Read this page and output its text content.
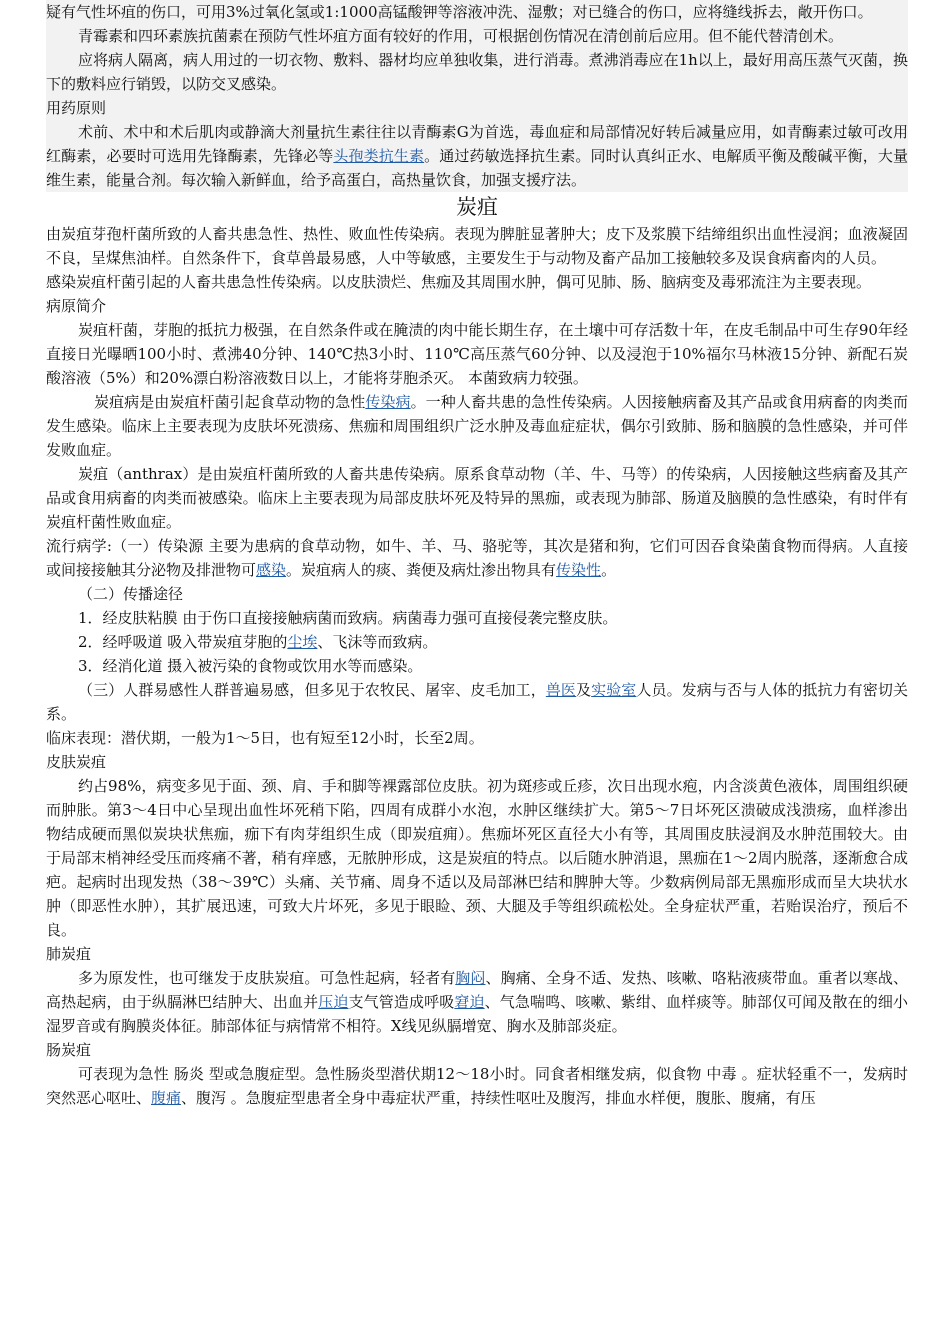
疑有气性坏疽的伤口，可用3%过氧化氢或1:1000高锰酸钾等溶液冲洗、湿敷；对已缝合的伤口，应将缝线拆去，敞开伤口。

青霉素和四环素族抗菌素在预防气性坏疽方面有较好的作用，可根据创伤情况在清创前后应用。但不能代替清创术。

应将病人隔离，病人用过的一切衣物、敷料、器材均应单独收集，进行消毒。煮沸消毒应在1h以上，最好用高压蒸气灭菌，换下的敷料应行销毁，以防交叉感染。

用药原则

术前、术中和术后肌肉或静滴大剂量抗生素往往以青酶素G为首选，毒血症和局部情况好转后减量应用，如青酶素过敏可改用红酶素，必要时可选用先锋酶素，先锋必等头孢类抗生素。通过药敏选择抗生素。同时认真纠正水、电解质平衡及酸碱平衡，大量维生素，能量合剂。每次输入新鲜血，给予高蛋白，高热量饮食，加强支援疗法。

炭疽

由炭疽芽孢杆菌所致的人畜共患急性、热性、败血性传染病。表现为脾脏显著肿大；皮下及浆膜下结缔组织出血性浸润；血液凝固不良，呈煤焦油样。自然条件下，食草兽最易感，人中等敏感，主要发生于与动物及畜产品加工接触较多及误食病畜肉的人员。

感染炭疽杆菌引起的人畜共患急性传染病。以皮肤溃烂、焦痂及其周围水肿，偶可见肺、肠、脑病变及毒邪流注为主要表现。

病原简介

炭疽杆菌，芽胞的抵抗力极强，在自然条件或在腌渍的肉中能长期生存，在土壤中可存活数十年，在皮毛制品中可生存90年经直接日光曝晒100小时、煮沸40分钟、140℃热3小时、110℃高压蒸气60分钟、以及浸泡于10%福尔马林液15分钟、新配石炭酸溶液（5%）和20%漂白粉溶液数日以上，才能将芽胞杀灭。 本菌致病力较强。

炭疽病是由炭疽杆菌引起食草动物的急性传染病。一种人畜共患的急性传染病。人因接触病畜及其产品或食用病畜的肉类而发生感染。临床上主要表现为皮肤坏死溃疡、焦痂和周围组织广泛水肿及毒血症症状，偶尔引致肺、肠和脑膜的急性感染，并可伴发败血症。

炭疽（anthrax）是由炭疽杆菌所致的人畜共患传染病。原系食草动物（羊、牛、马等）的传染病，人因接触这些病畜及其产品或食用病畜的肉类而被感染。临床上主要表现为局部皮肤坏死及特异的黑痂，或表现为肺部、肠道及脑膜的急性感染，有时伴有炭疽杆菌性败血症。

流行病学:（一）传染源 主要为患病的食草动物，如牛、羊、马、骆驼等，其次是猪和狗，它们可因吞食染菌食物而得病。人直接或间接接触其分泌物及排泄物可感染。炭疽病人的痰、粪便及病灶渗出物具有传染性。

（二）传播途径

1．经皮肤粘膜 由于伤口直接接触病菌而致病。病菌毒力强可直接侵袭完整皮肤。

2．经呼吸道 吸入带炭疽芽胞的尘埃、飞沫等而致病。

3．经消化道 摄入被污染的食物或饮用水等而感染。

（三）人群易感性人群普遍易感，但多见于农牧民、屠宰、皮毛加工，兽医及实验室人员。发病与否与人体的抵抗力有密切关系。

临床表现：潜伏期，一般为1～5日，也有短至12小时，长至2周。

皮肤炭疽

约占98%，病变多见于面、颈、肩、手和脚等裸露部位皮肤。初为斑疹或丘疹，次日出现水疱，内含淡黄色液体，周围组织硬而肿胀。第3～4日中心呈现出血性坏死稍下陷，四周有成群小水泡，水肿区继续扩大。第5～7日坏死区溃破成浅溃疡，血样渗出物结成硬而黑似炭块状焦痂，痂下有肉芽组织生成（即炭疽痈）。焦痂坏死区直径大小有等，其周围皮肤浸润及水肿范围较大。由于局部末梢神经受压而疼痛不著，稍有痒感，无脓肿形成，这是炭疽的特点。以后随水肿消退，黑痂在1～2周内脱落，逐渐愈合成疤。起病时出现发热（38～39℃）头痛、关节痛、周身不适以及局部淋巴结和脾肿大等。少数病例局部无黑痂形成而呈大块状水肿（即恶性水肿），其扩展迅速，可致大片坏死，多见于眼睑、颈、大腿及手等组织疏松处。全身症状严重，若贻误治疗，预后不良。

肺炭疽

多为原发性，也可继发于皮肤炭疽。可急性起病，轻者有胸闷、胸痛、全身不适、发热、咳嗽、咯粘液痰带血。重者以寒战、高热起病，由于纵膈淋巴结肿大、出血并压迫支气管造成呼吸窘迫、气急喘鸣、咳嗽、紫绀、血样痰等。肺部仅可闻及散在的细小湿罗音或有胸膜炎体征。肺部体征与病情常不相符。X线见纵膈增宽、胸水及肺部炎症。

肠炭疽

可表现为急性 肠炎 型或急腹症型。急性肠炎型潜伏期12～18小时。同食者相继发病，似食物 中毒 。症状轻重不一，发病时突然恶心呕吐、腹痛、腹泻 。急腹症型患者全身中毒症状严重，持续性呕吐及腹泻，排血水样便，腹胀、腹痛，有压
